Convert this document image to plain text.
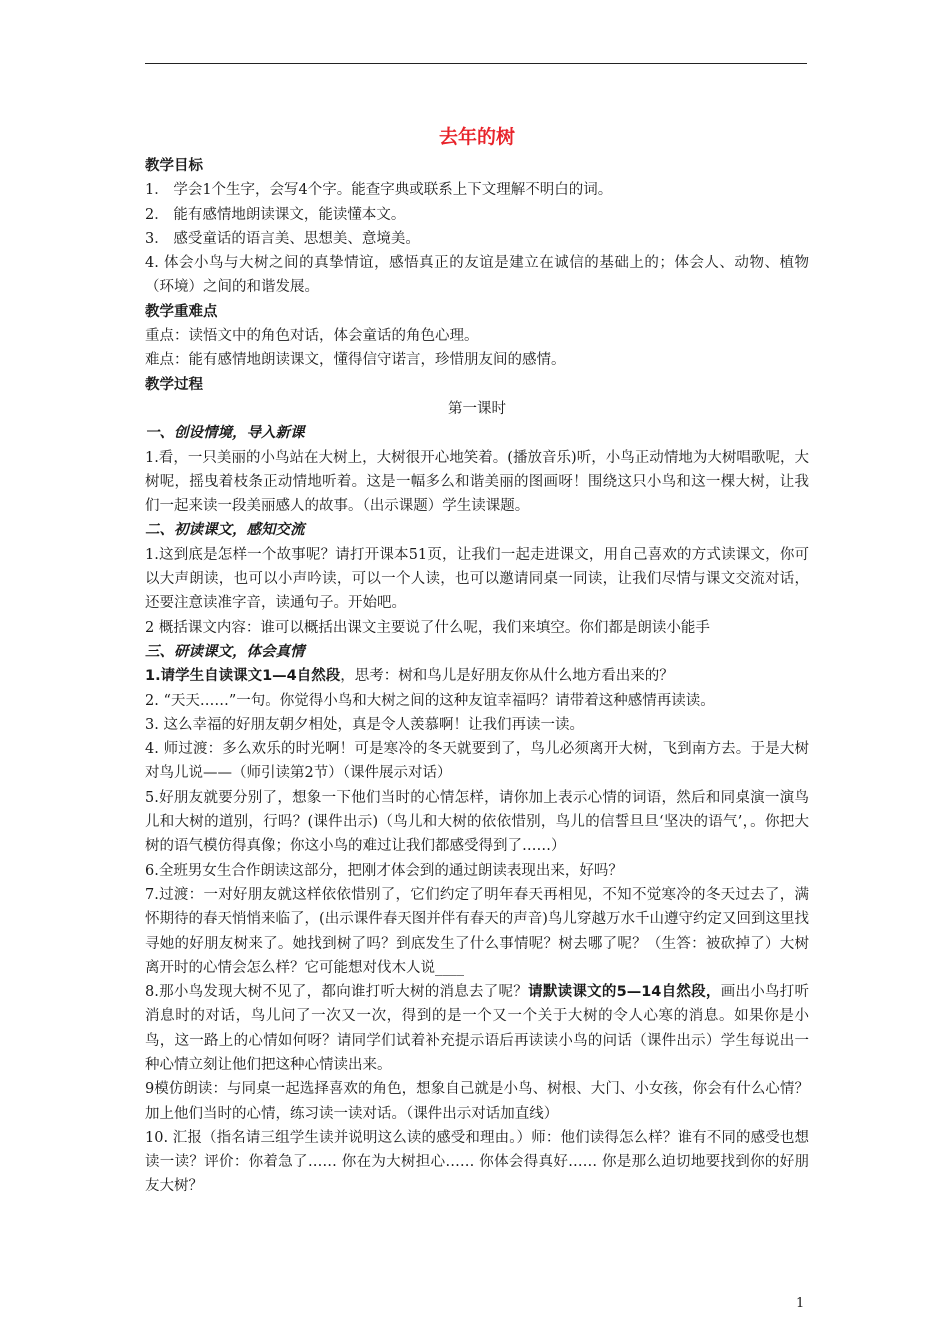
去年的树
教学目标

1． 学会1个生字，会写4个字。能查字典或联系上下文理解不明白的词。

2． 能有感情地朗读课文，能读懂本文。

3． 感受童话的语言美、思想美、意境美。

4. 体会小鸟与大树之间的真挚情谊，感悟真正的友谊是建立在诚信的基础上的；体会人、动物、植物（环境）之间的和谐发展。

教学重难点

重点：读悟文中的角色对话，体会童话的角色心理。

难点：能有感情地朗读课文，懂得信守诺言，珍惜朋友间的感情。

教学过程
第一课时
一、创设情境，导入新课

1.看，一只美丽的小鸟站在大树上，大树很开心地笑着。(播放音乐)听，小鸟正动情地为大树唱歌呢，大树呢，摇曳着枝条正动情地听着。这是一幅多么和谐美丽的图画呀！围绕这只小鸟和这一棵大树，让我们一起来读一段美丽感人的故事。（出示课题）学生读课题。

二、初读课文，感知交流

1.这到底是怎样一个故事呢？请打开课本51页，让我们一起走进课文，用自己喜欢的方式读课文，你可以大声朗读，也可以小声吟读，可以一个人读，也可以邀请同桌一同读，让我们尽情与课文交流对话，还要注意读准字音，读通句子。开始吧。

2 概括课文内容：谁可以概括出课文主要说了什么呢，我们来填空。你们都是朗读小能手

三、研读课文，体会真情

1.请学生自读课文1—4自然段，思考：树和鸟儿是好朋友你从什么地方看出来的？

2. “天天……”一句。你觉得小鸟和大树之间的这种友谊幸福吗？请带着这种感情再读读。

3. 这么幸福的好朋友朝夕相处，真是令人羡慕啊！让我们再读一读。

4. 师过渡：多么欢乐的时光啊！可是寒冷的冬天就要到了，鸟儿必须离开大树，飞到南方去。于是大树对鸟儿说——（师引读第2节）（课件展示对话）

5.好朋友就要分别了，想象一下他们当时的心情怎样，请你加上表示心情的词语，然后和同桌演一演鸟儿和大树的道别，行吗？(课件出示)（鸟儿和大树的依依惜别，鸟儿的信誓旦旦‘坚决的语气’，。你把大树的语气模仿得真像；你这小鸟的难过让我们都感受得到了……）

6.全班男女生合作朗读这部分，把刚才体会到的通过朗读表现出来，好吗？

7.过渡：一对好朋友就这样依依惜别了，它们约定了明年春天再相见，不知不觉寒冷的冬天过去了，满怀期待的春天悄悄来临了，(出示课件春天图并伴有春天的声音)鸟儿穿越万水千山遵守约定又回到这里找寻她的好朋友树来了。她找到树了吗？到底发生了什么事情呢？树去哪了呢？（生答：被砍掉了）大树离开时的心情会怎么样？它可能想对伐木人说____

8.那小鸟发现大树不见了，都向谁打听大树的消息去了呢？请默读课文的5—14自然段，画出小鸟打听消息时的对话，鸟儿问了一次又一次，得到的是一个又一个关于大树的令人心寒的消息。如果你是小鸟，这一路上的心情如何呀？请同学们试着补充提示语后再读读小鸟的问话（课件出示）学生每说出一种心情立刻让他们把这种心情读出来。

9模仿朗读：与同桌一起选择喜欢的角色，想象自己就是小鸟、树根、大门、小女孩，你会有什么心情？加上他们当时的心情，练习读一读对话。（课件出示对话加直线）

10. 汇报（指名请三组学生读并说明这么读的感受和理由。）师：他们读得怎么样？谁有不同的感受也想读一读？评价：你着急了…… 你在为大树担心…… 你体会得真好…… 你是那么迫切地要找到你的好朋友大树？

1
